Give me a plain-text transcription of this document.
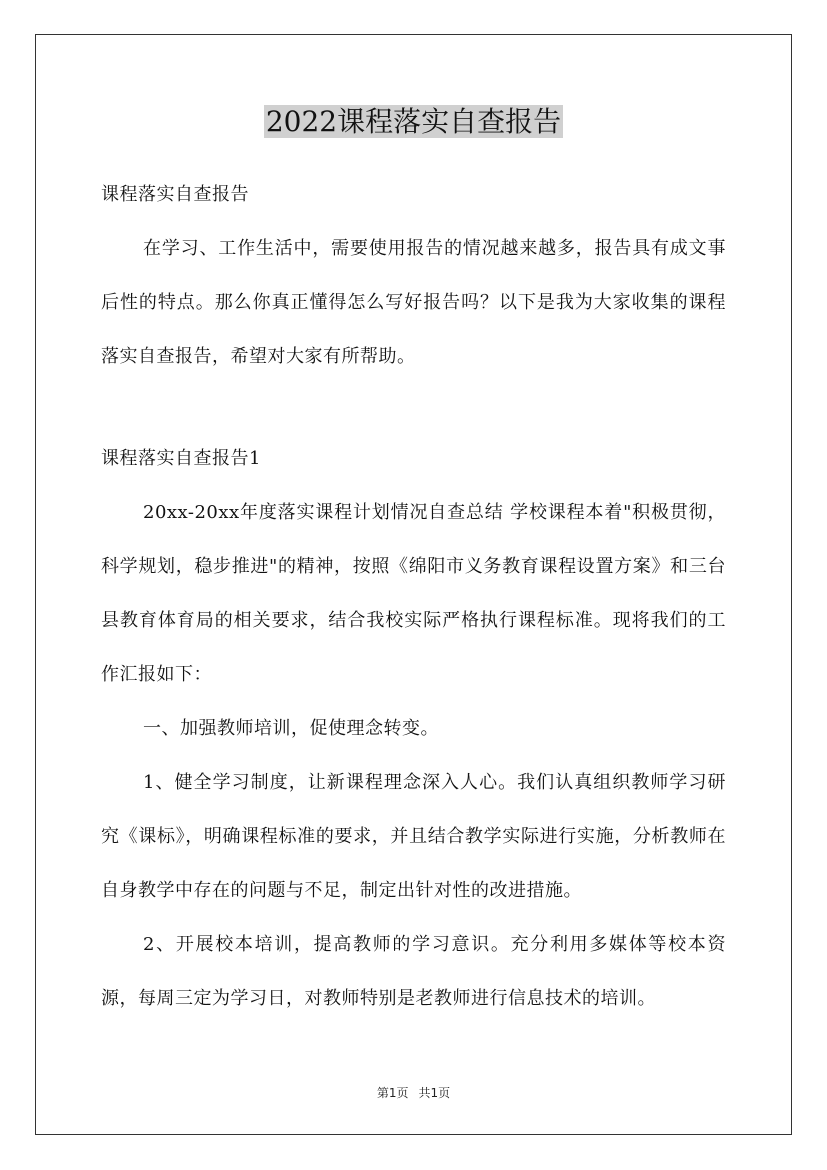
2022课程落实自查报告

课程落实自查报告

在学习、工作生活中，需要使用报告的情况越来越多，报告具有成文事后性的特点。那么你真正懂得怎么写好报告吗？以下是我为大家收集的课程落实自查报告，希望对大家有所帮助。

课程落实自查报告1

20xx-20xx年度落实课程计划情况自查总结 学校课程本着"积极贯彻，科学规划，稳步推进"的精神，按照《绵阳市义务教育课程设置方案》和三台县教育体育局的相关要求，结合我校实际严格执行课程标准。现将我们的工作汇报如下：

一、加强教师培训，促使理念转变。

1、健全学习制度，让新课程理念深入人心。我们认真组织教师学习研究《课标》，明确课程标准的要求，并且结合教学实际进行实施，分析教师在自身教学中存在的问题与不足，制定出针对性的改进措施。

2、开展校本培训，提高教师的学习意识。充分利用多媒体等校本资源，每周三定为学习日，对教师特别是老教师进行信息技术的培训。

第1页 共1页
